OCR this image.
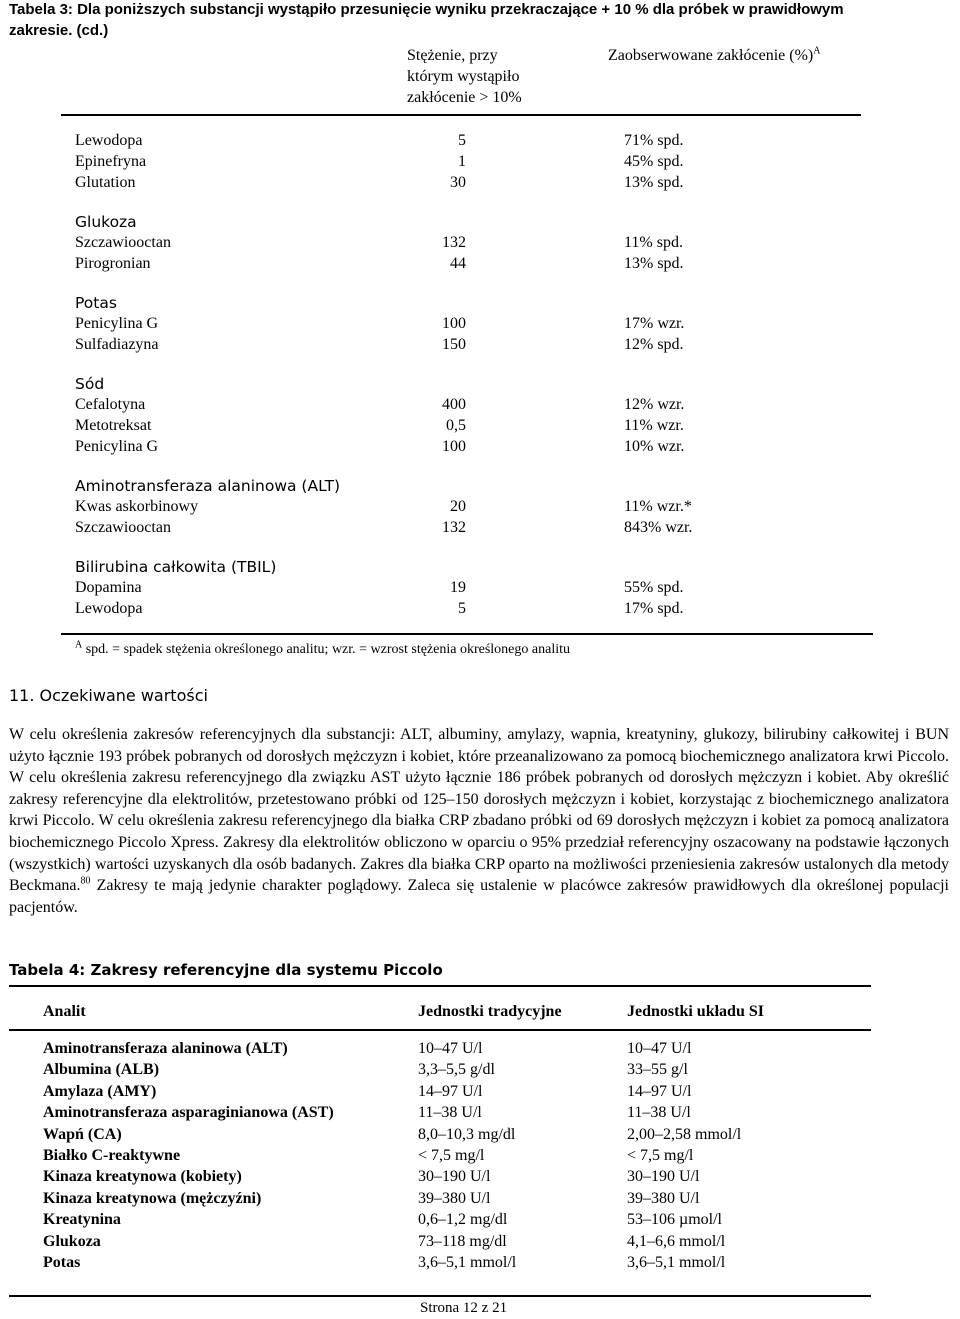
Tabela 3: Dla poniższych substancji wystąpiło przesunięcie wyniku przekraczające + 10 % dla próbek w prawidłowym
zakresie. (cd.)
Stężenie, przy
którym wystąpiło
zakłócenie > 10%
Zaobserwowane zakłócenie (%)$^A$
Lewodopa	5	71% spd.
Epinefryna	1	45% spd.
Glutation	30	13% spd.
Glukoza
Szczawiooctan	132	11% spd.
Pirogronian	44	13% spd.
Potas
Penicylina G	100	17% wzr.
Sulfadiazyna	150	12% spd.
Sód
Cefalotyna	400	12% wzr.
Metotreksat	0,5	11% wzr.
Penicylina G	100	10% wzr.
Aminotransferaza alaninowa (ALT)
Kwas askorbinowy	20	11% wzr.*
Szczawiooctan	132	843% wzr.
Bilirubina całkowita (TBIL)
Dopamina	19	55% spd.
Lewodopa	5	17% spd.
$^A$ spd. = spadek stężenia określonego analitu; wzr. = wzrost stężenia określonego analitu
11. Oczekiwane wartości
W celu określenia zakresów referencyjnych dla substancji: ALT, albuminy, amylazy, wapnia, kreatyniny, glukozy, bilirubiny całkowitej i BUN użyto łącznie 193 próbek pobranych od dorosłych mężczyzn i kobiet, które przeanalizowano za pomocą biochemicznego analizatora krwi Piccolo. W celu określenia zakresu referencyjnego dla związku AST użyto łącznie 186 próbek pobranych od dorosłych mężczyzn i kobiet. Aby określić zakresy referencyjne dla elektrolitów, przetestowano próbki od 125–150 dorosłych mężczyzn i kobiet, korzystając z biochemicznego analizatora krwi Piccolo. W celu określenia zakresu referencyjnego dla białka CRP zbadano próbki od 69 dorosłych mężczyzn i kobiet za pomocą analizatora biochemicznego Piccolo Xpress. Zakresy dla elektrolitów obliczono w oparciu o 95% przedział referencyjny oszacowany na podstawie łączonych (wszystkich) wartości uzyskanych dla osób badanych. Zakres dla białka CRP oparto na możliwości przeniesienia zakresów ustalonych dla metody Beckmana.$^{80}$ Zakresy te mają jedynie charakter poglądowy. Zaleca się ustalenie w placówce zakresów prawidłowych dla określonej populacji pacjentów.
Tabela 4: Zakresy referencyjne dla systemu Piccolo
Analit	Jednostki tradycyjne	Jednostki układu SI
Aminotransferaza alaninowa (ALT)	10–47 U/l	10–47 U/l
Albumina (ALB)	3,3–5,5 g/dl	33–55 g/l
Amylaza (AMY)	14–97 U/l	14–97 U/l
Aminotransferaza asparaginianowa (AST)	11–38 U/l	11–38 U/l
Wapń (CA)	8,0–10,3 mg/dl	2,00–2,58 mmol/l
Białko C-reaktywne	< 7,5 mg/l	< 7,5 mg/l
Kinaza kreatynowa (kobiety)	30–190 U/l	30–190 U/l
Kinaza kreatynowa (mężczyźni)	39–380 U/l	39–380 U/l
Kreatynina	0,6–1,2 mg/dl	53–106 µmol/l
Glukoza	73–118 mg/dl	4,1–6,6 mmol/l
Potas	3,6–5,1 mmol/l	3,6–5,1 mmol/l
Strona 12 z 21
